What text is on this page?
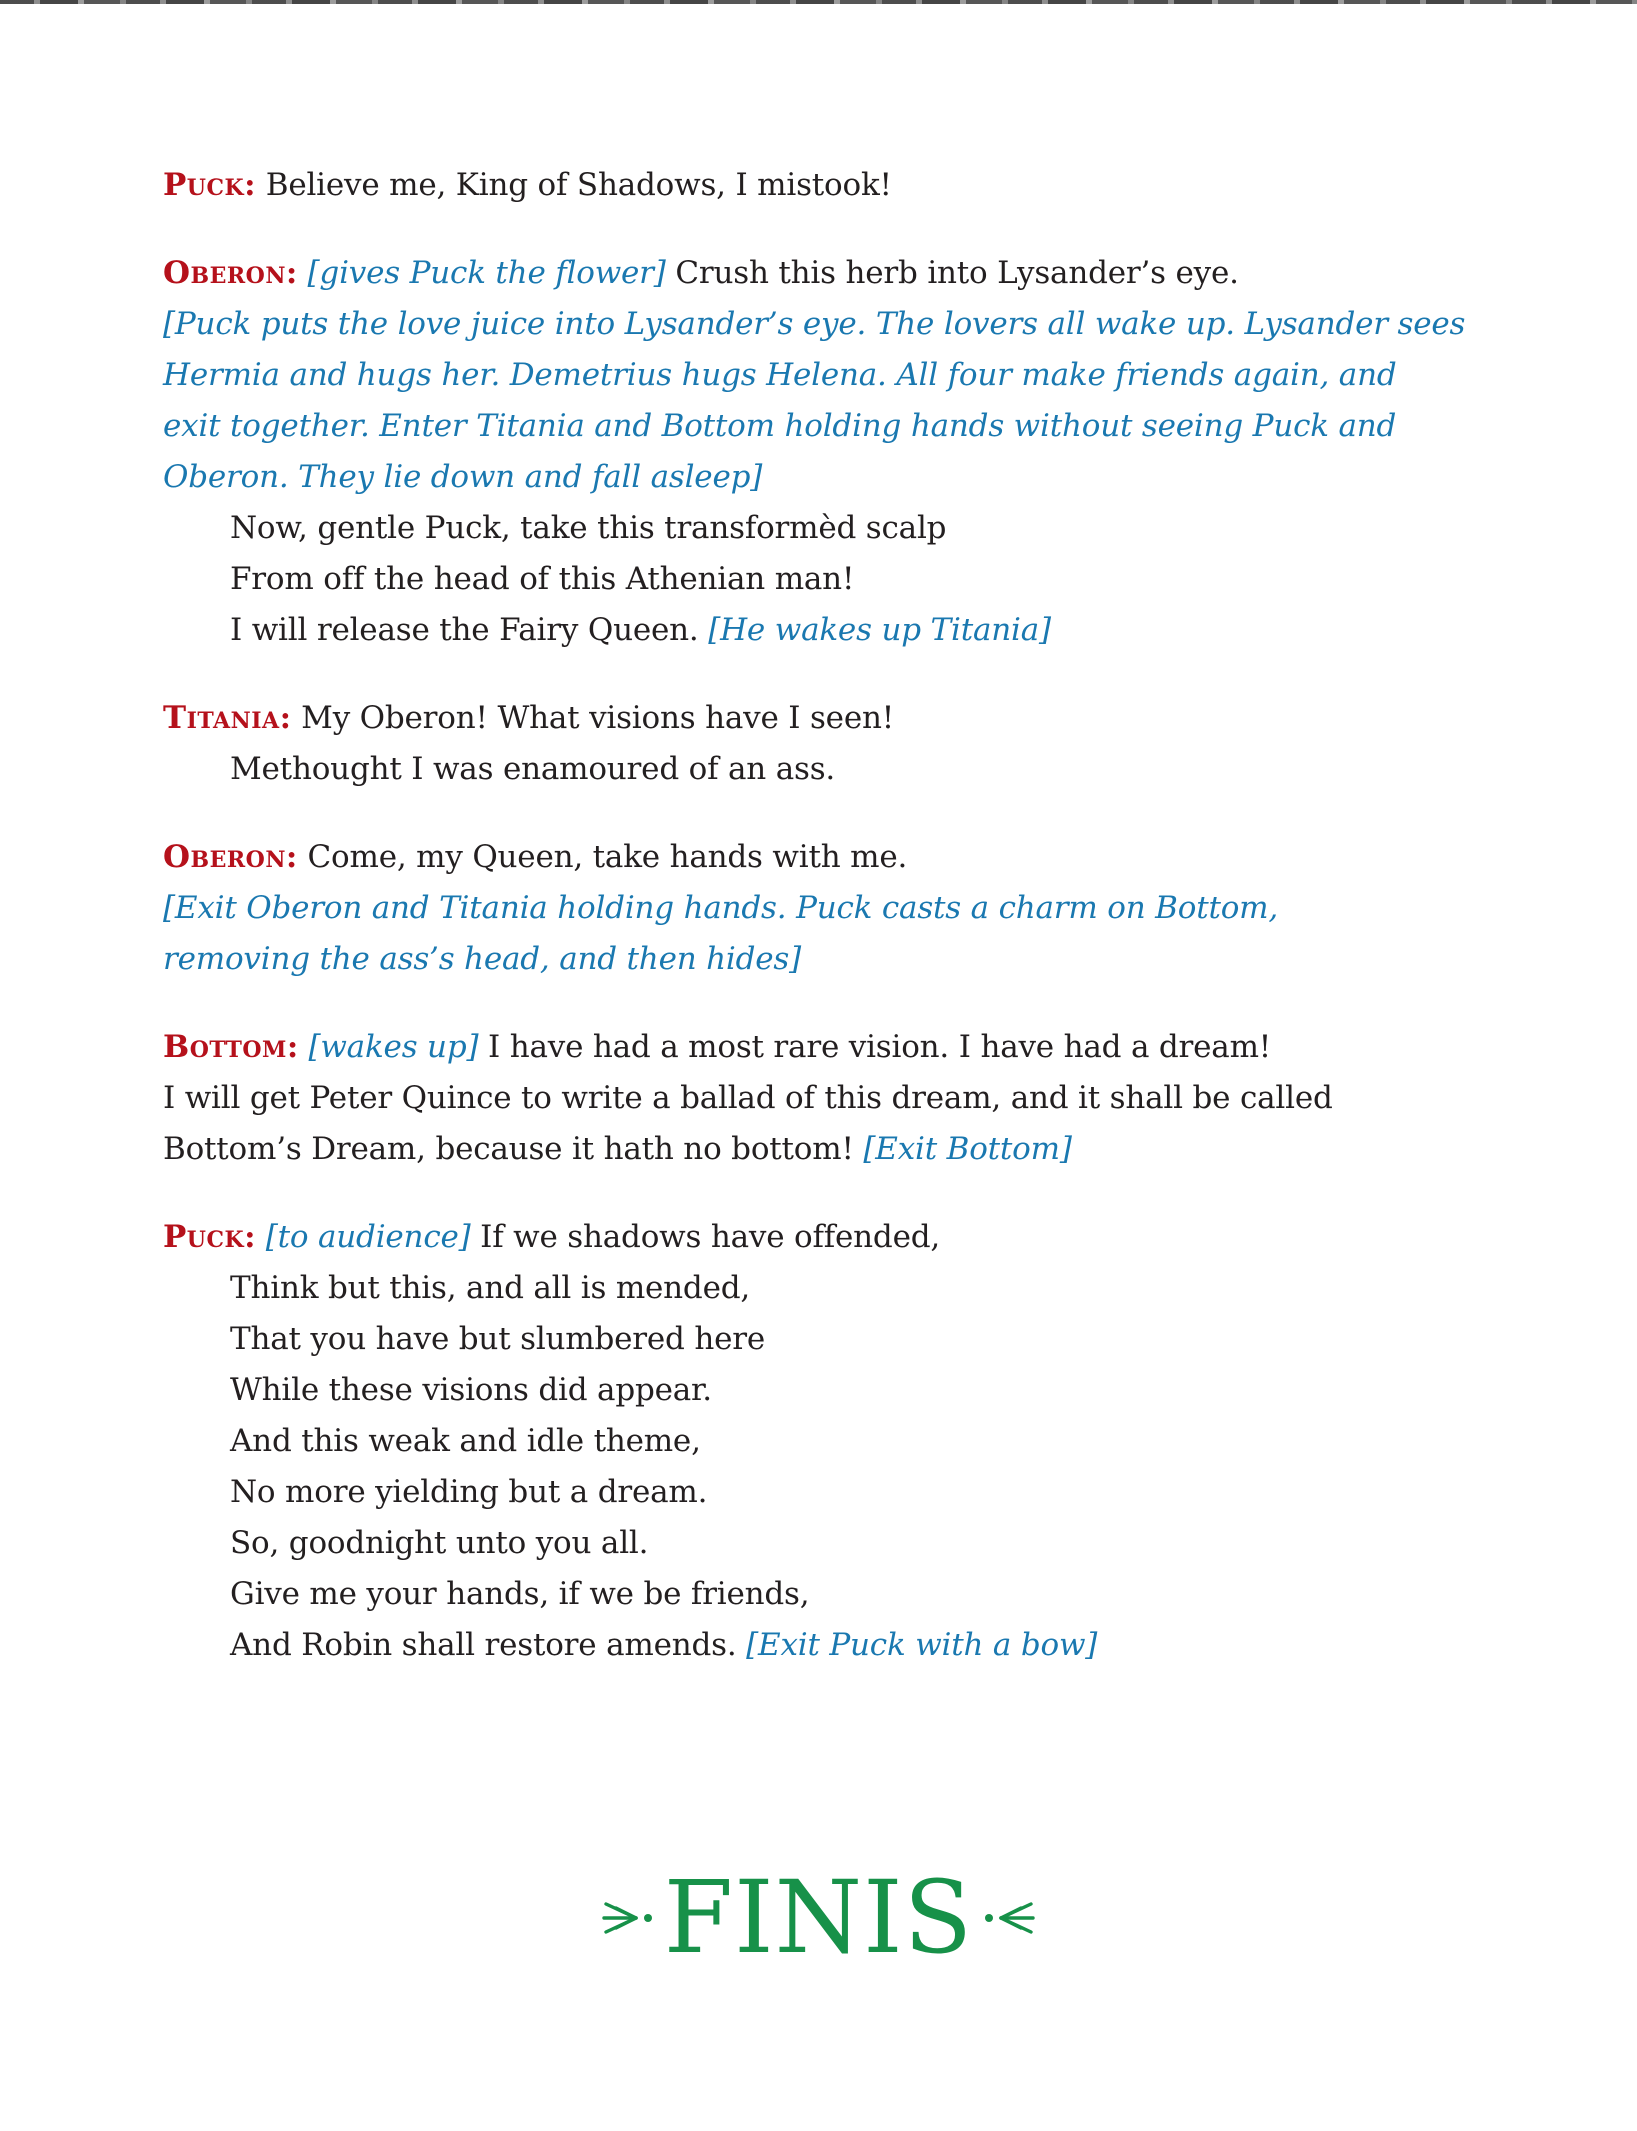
Puck: Believe me, King of Shadows, I mistook!
Oberon: [gives Puck the flower] Crush this herb into Lysander’s eye.
[Puck puts the love juice into Lysander’s eye. The lovers all wake up. Lysander sees
Hermia and hugs her. Demetrius hugs Helena. All four make friends again, and
exit together. Enter Titania and Bottom holding hands without seeing Puck and
Oberon. They lie down and fall asleep]
Now, gentle Puck, take this transformèd scalp
From off the head of this Athenian man!
I will release the Fairy Queen. [He wakes up Titania]
Titania: My Oberon! What visions have I seen!
Methought I was enamoured of an ass.
Oberon: Come, my Queen, take hands with me.
[Exit Oberon and Titania holding hands. Puck casts a charm on Bottom,
removing the ass’s head, and then hides]
Bottom: [wakes up] I have had a most rare vision. I have had a dream!
I will get Peter Quince to write a ballad of this dream, and it shall be called
Bottom’s Dream, because it hath no bottom! [Exit Bottom]
Puck: [to audience] If we shadows have offended,
Think but this, and all is mended,
That you have but slumbered here
While these visions did appear.
And this weak and idle theme,
No more yielding but a dream.
So, goodnight unto you all.
Give me your hands, if we be friends,
And Robin shall restore amends. [Exit Puck with a bow]
FINIS
